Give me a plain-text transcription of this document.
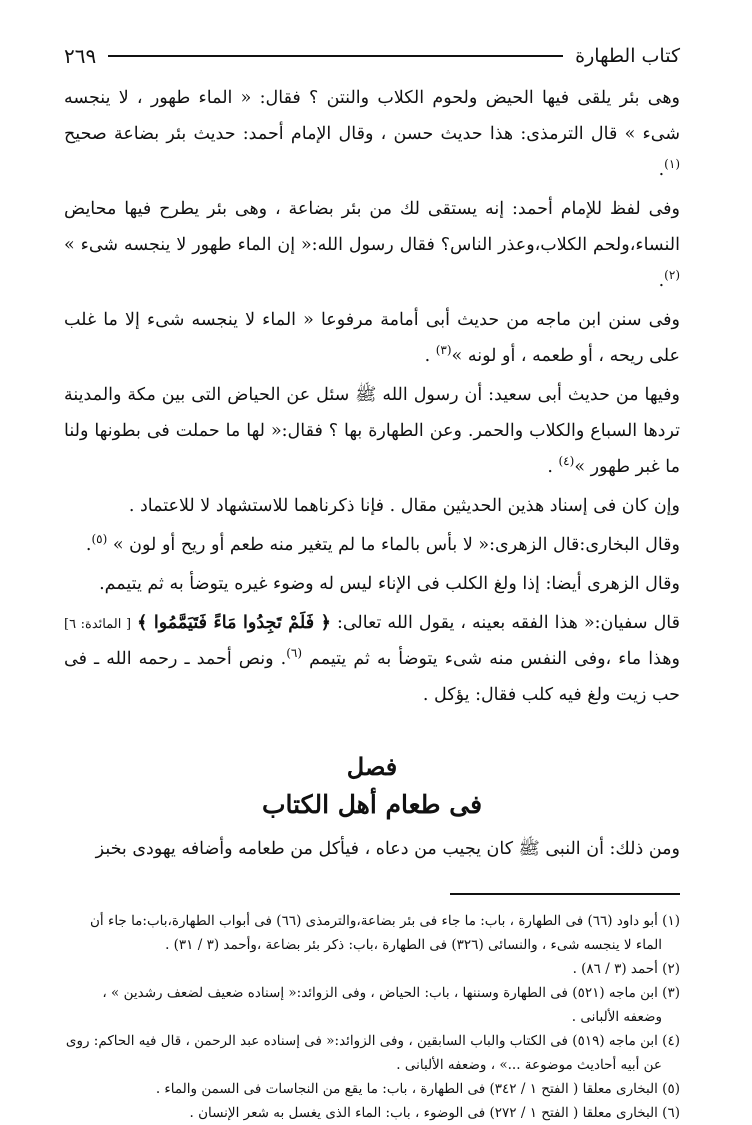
كتاب الطهارة
٢٦٩

وهى بئر يلقى فيها الحيض ولحوم الكلاب والنتن ؟ فقال: « الماء طهور ، لا ينجسه شىء » قال الترمذى: هذا حديث حسن ، وقال الإمام أحمد: حديث بئر بضاعة صحيح $^{(١)}$.

وفى لفظ للإمام أحمد: إنه يستقى لك من بئر بضاعة ، وهى بئر يطرح فيها محايض النساء،ولحم الكلاب،وعذر الناس؟ فقال رسول الله:« إن الماء طهور لا ينجسه شىء » $^{(٢)}$.

وفى سنن ابن ماجه من حديث أبى أمامة مرفوعا « الماء لا ينجسه شىء إلا ما غلب على ريحه ، أو طعمه ، أو لونه »$^{(٣)}$ .

وفيها من حديث أبى سعيد: أن رسول الله ﷺ سئل عن الحياض التى بين مكة والمدينة تردها السباع والكلاب والحمر. وعن الطهارة بها ؟ فقال:« لها ما حملت فى بطونها ولنا ما غبر طهور »$^{(٤)}$ .

وإن كان فى إسناد هذين الحديثين مقال . فإنا ذكرناهما للاستشهاد لا للاعتماد .

وقال البخارى:قال الزهرى:« لا بأس بالماء ما لم يتغير منه طعم أو ريح أو لون » $^{(٥)}$.

وقال الزهرى أيضا: إذا ولغ الكلب فى الإناء ليس له وضوء غيره يتوضأ به ثم يتيمم.

قال سفيان:« هذا الفقه بعينه ، يقول الله تعالى: ﴿ فَلَمْ تَجِدُوا مَاءً فَتَيَمَّمُوا ﴾ [ المائدة: ٦] وهذا ماء ،وفى النفس منه شىء يتوضأ به ثم يتيمم $^{(٦)}$. ونص أحمد ـ رحمه الله ـ فى حب زيت ولغ فيه كلب فقال: يؤكل .

فصل
فى طعام أهل الكتاب

ومن ذلك: أن النبى ﷺ كان يجيب من دعاه ، فيأكل من طعامه وأضافه يهودى بخبز

(١) أبو داود (٦٦) فى الطهارة ، باب: ما جاء فى بئر بضاعة،والترمذى (٦٦) فى أبواب الطهارة،باب:ما جاء أن
الماء لا ينجسه شىء ، والنسائى (٣٢٦) فى الطهارة ،باب: ذكر بئر بضاعة ،وأحمد (٣ / ٣١) .
(٢) أحمد (٣ / ٨٦) .
(٣) ابن ماجه (٥٢١) فى الطهارة وسننها ، باب: الحياض ، وفى الزوائد:« إسناده ضعيف لضعف رشدين » ،
وضعفه الألبانى .
(٤) ابن ماجه (٥١٩) فى الكتاب والباب السابقين ، وفى الزوائد:« فى إسناده عبد الرحمن ، قال فيه الحاكم: روى
عن أبيه أحاديث موضوعة ...» ، وضعفه الألبانى .
(٥) البخارى معلقا ( الفتح ١ / ٣٤٢) فى الطهارة ، باب: ما يقع من النجاسات فى السمن والماء .
(٦) البخارى معلقا ( الفتح ١ / ٢٧٢) فى الوضوء ، باب: الماء الذى يغسل به شعر الإنسان .
